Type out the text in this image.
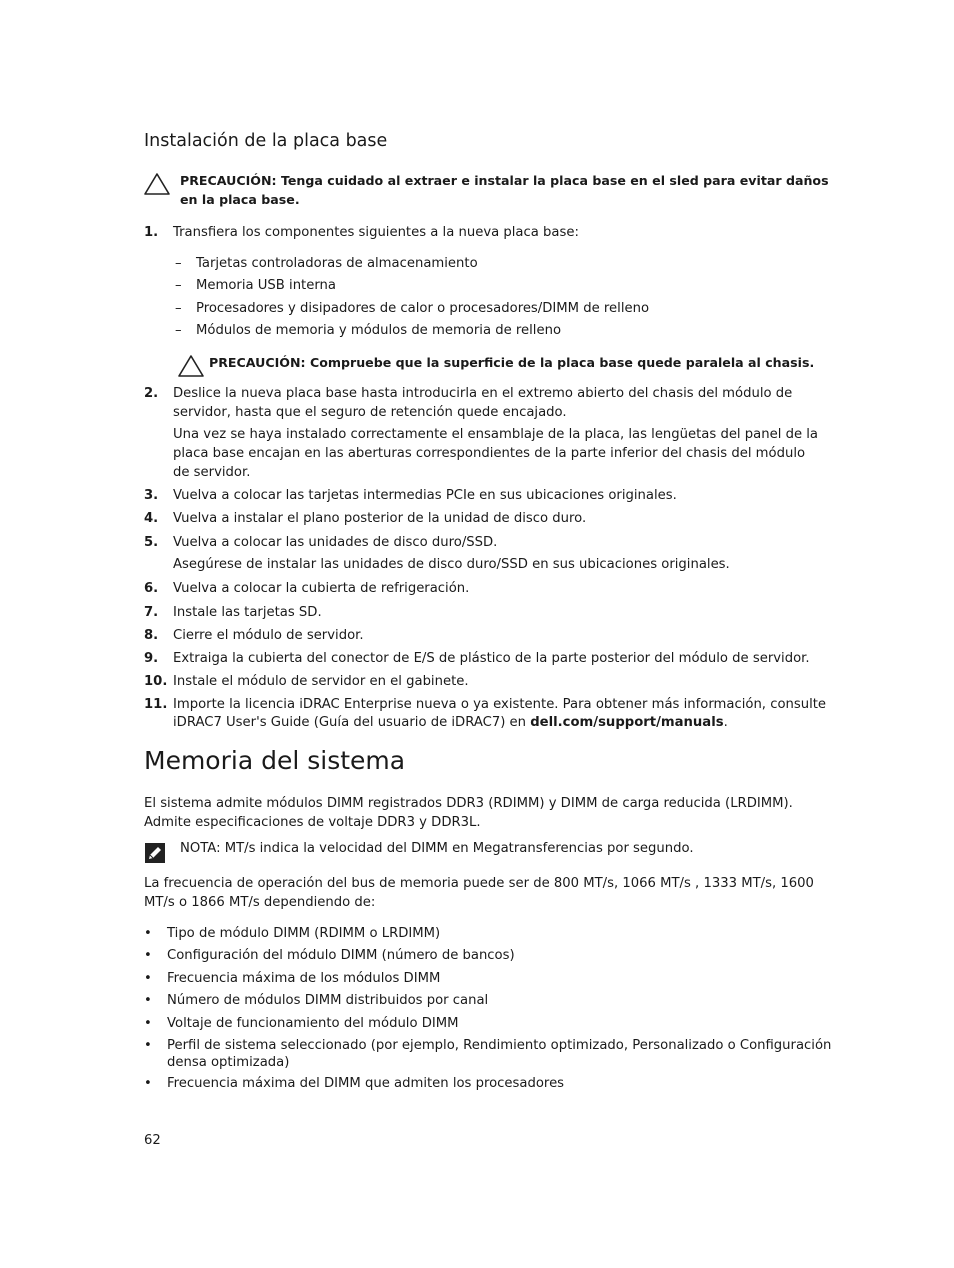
Instalación de la placa base
PRECAUCIÓN: Tenga cuidado al extraer e instalar la placa base en el sled para evitar daños en la placa base.
1. Transfiera los componentes siguientes a la nueva placa base:
– Tarjetas controladoras de almacenamiento
– Memoria USB interna
– Procesadores y disipadores de calor o procesadores/DIMM de relleno
– Módulos de memoria y módulos de memoria de relleno
PRECAUCIÓN: Compruebe que la superficie de la placa base quede paralela al chasis.
2. Deslice la nueva placa base hasta introducirla en el extremo abierto del chasis del módulo de servidor, hasta que el seguro de retención quede encajado.
Una vez se haya instalado correctamente el ensamblaje de la placa, las lengüetas del panel de la placa base encajan en las aberturas correspondientes de la parte inferior del chasis del módulo de servidor.
3. Vuelva a colocar las tarjetas intermedias PCIe en sus ubicaciones originales.
4. Vuelva a instalar el plano posterior de la unidad de disco duro.
5. Vuelva a colocar las unidades de disco duro/SSD.
Asegúrese de instalar las unidades de disco duro/SSD en sus ubicaciones originales.
6. Vuelva a colocar la cubierta de refrigeración.
7. Instale las tarjetas SD.
8. Cierre el módulo de servidor.
9. Extraiga la cubierta del conector de E/S de plástico de la parte posterior del módulo de servidor.
10. Instale el módulo de servidor en el gabinete.
11. Importe la licencia iDRAC Enterprise nueva o ya existente. Para obtener más información, consulte
iDRAC7 User's Guide (Guía del usuario de iDRAC7) en dell.com/support/manuals.
Memoria del sistema
El sistema admite módulos DIMM registrados DDR3 (RDIMM) y DIMM de carga reducida (LRDIMM). Admite especificaciones de voltaje DDR3 y DDR3L.
NOTA: MT/s indica la velocidad del DIMM en Megatransferencias por segundo.
La frecuencia de operación del bus de memoria puede ser de 800 MT/s, 1066 MT/s , 1333 MT/s, 1600 MT/s o 1866 MT/s dependiendo de:
• Tipo de módulo DIMM (RDIMM o LRDIMM)
• Configuración del módulo DIMM (número de bancos)
• Frecuencia máxima de los módulos DIMM
• Número de módulos DIMM distribuidos por canal
• Voltaje de funcionamiento del módulo DIMM
• Perfil de sistema seleccionado (por ejemplo, Rendimiento optimizado, Personalizado o Configuración densa optimizada)
• Frecuencia máxima del DIMM que admiten los procesadores
62
